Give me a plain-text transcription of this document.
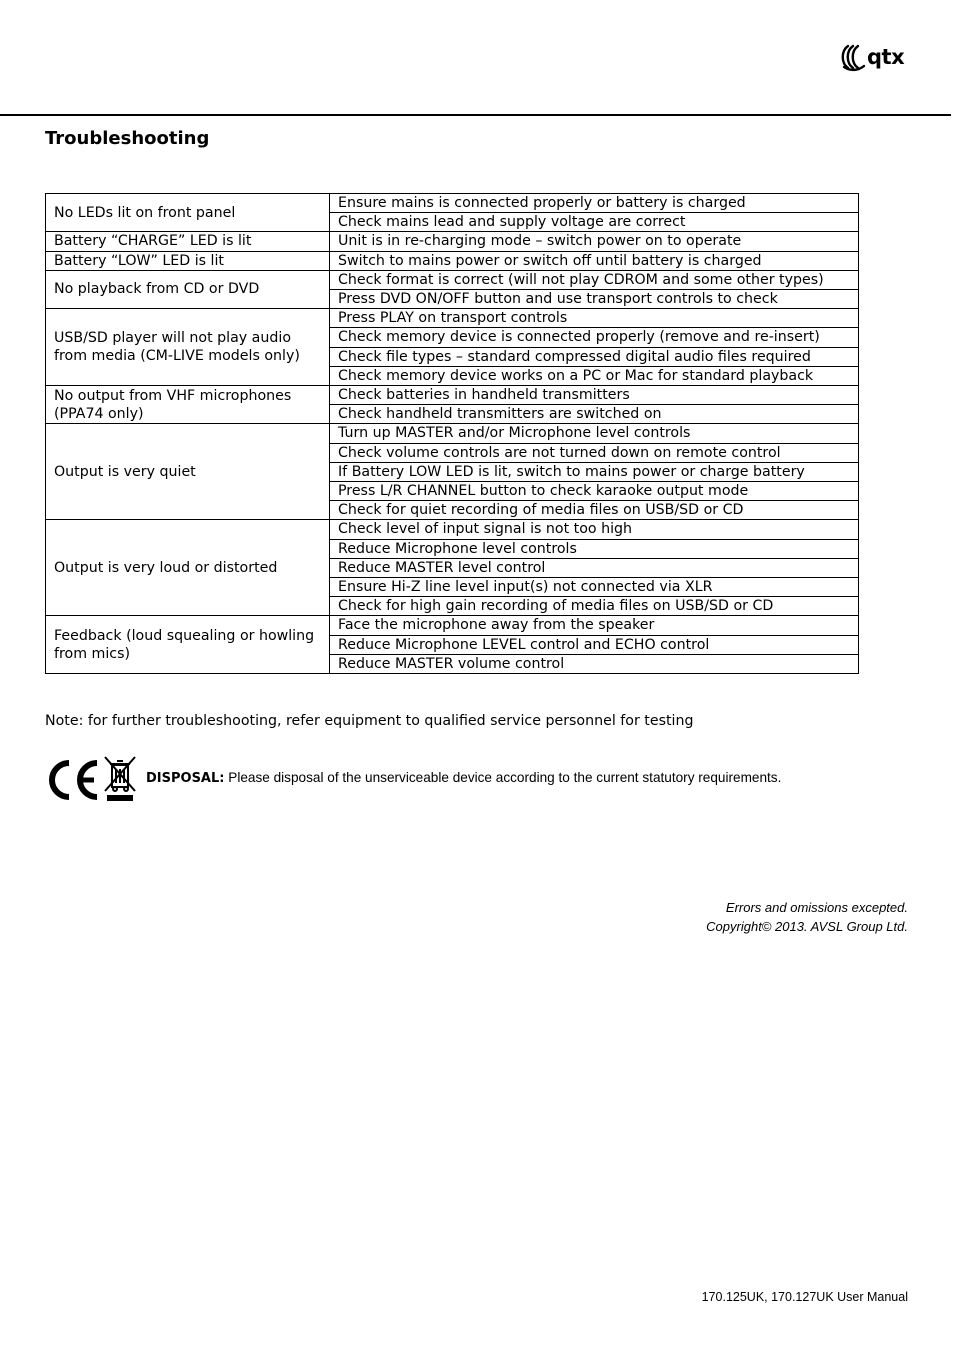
qtx
Troubleshooting
No LEDs lit on front panel	Ensure mains is connected properly or battery is charged
	Check mains lead and supply voltage are correct
Battery “CHARGE” LED is lit	Unit is in re-charging mode – switch power on to operate
Battery “LOW” LED is lit	Switch to mains power or switch off until battery is charged
No playback from CD or DVD	Check format is correct (will not play CDROM and some other types)
	Press DVD ON/OFF button and use transport controls to check
USB/SD player will not play audio from media (CM-LIVE models only)	Press PLAY on transport controls
	Check memory device is connected properly (remove and re-insert)
	Check file types – standard compressed digital audio files required
	Check memory device works on a PC or Mac for standard playback
No output from VHF microphones (PPA74 only)	Check batteries in handheld transmitters
	Check handheld transmitters are switched on
Output is very quiet	Turn up MASTER and/or Microphone level controls
	Check volume controls are not turned down on remote control
	If Battery LOW LED is lit, switch to mains power or charge battery
	Press L/R CHANNEL button to check karaoke output mode
	Check for quiet recording of media files on USB/SD or CD
Output is very loud or distorted	Check level of input signal is not too high
	Reduce Microphone level controls
	Reduce MASTER level control
	Ensure Hi-Z line level input(s) not connected via XLR
	Check for high gain recording of media files on USB/SD or CD
Feedback (loud squealing or howling from mics)	Face the microphone away from the speaker
	Reduce Microphone LEVEL control and ECHO control
	Reduce MASTER volume control

Note: for further troubleshooting, refer equipment to qualified service personnel for testing

DISPOSAL: Please disposal of the unserviceable device according to the current statutory requirements.

Errors and omissions excepted.
Copyright© 2013. AVSL Group Ltd.
170.125UK, 170.127UK User Manual
